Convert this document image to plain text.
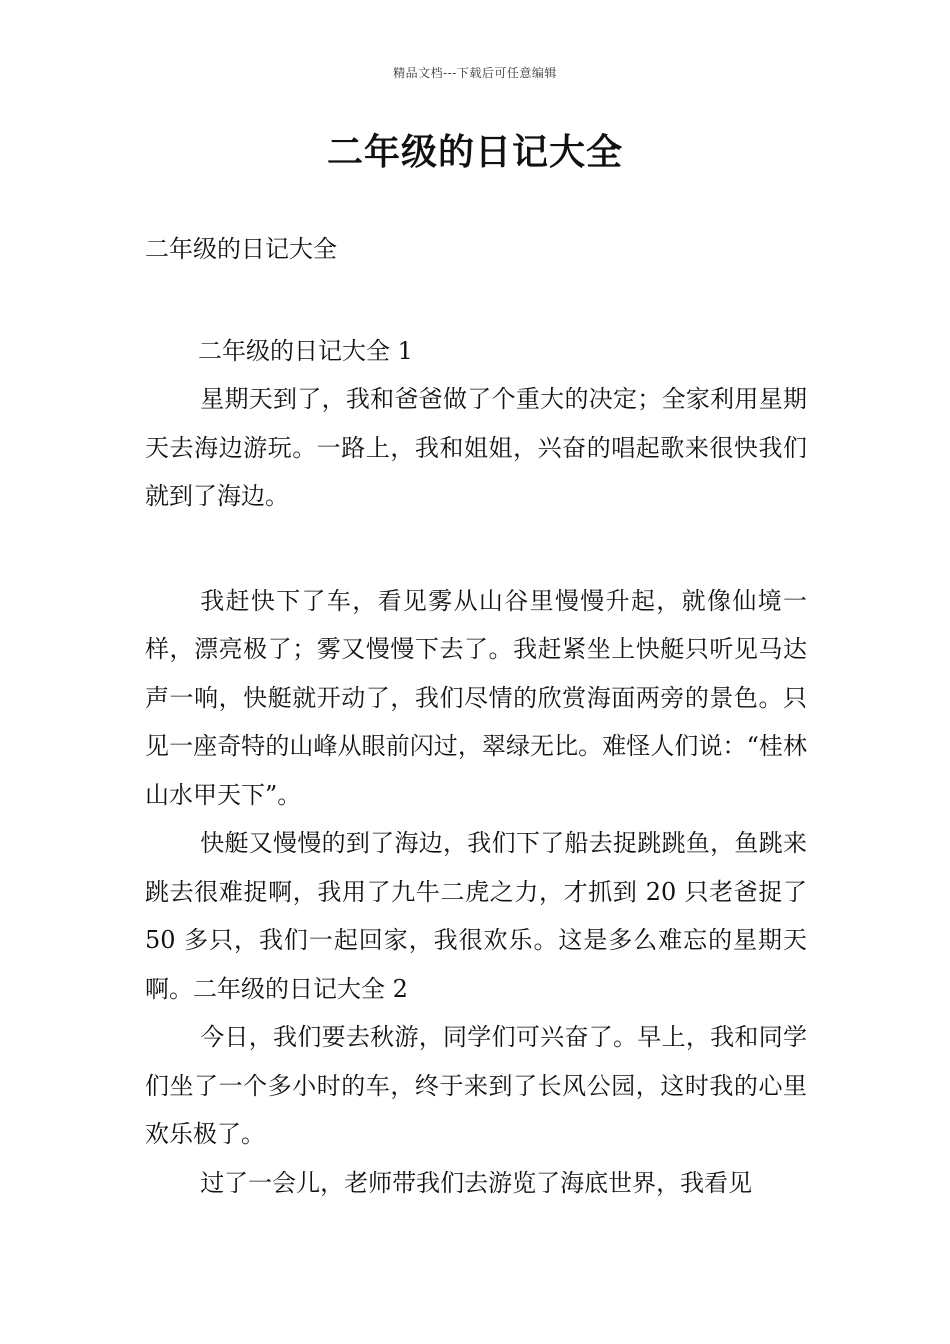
精品文档---下载后可任意编辑
二年级的日记大全

二年级的日记大全

二年级的日记大全 1

星期天到了，我和爸爸做了个重大的决定；全家利用星期天去海边游玩。一路上，我和姐姐，兴奋的唱起歌来很快我们就到了海边。

我赶快下了车，看见雾从山谷里慢慢升起，就像仙境一样，漂亮极了；雾又慢慢下去了。我赶紧坐上快艇只听见马达声一响，快艇就开动了，我们尽情的欣赏海面两旁的景色。只见一座奇特的山峰从眼前闪过，翠绿无比。难怪人们说：“桂林山水甲天下”。

快艇又慢慢的到了海边，我们下了船去捉跳跳鱼，鱼跳来跳去很难捉啊，我用了九牛二虎之力，才抓到 20 只老爸捉了 50 多只，我们一起回家，我很欢乐。这是多么难忘的星期天啊。二年级的日记大全 2

今日，我们要去秋游，同学们可兴奋了。早上，我和同学们坐了一个多小时的车，终于来到了长风公园，这时我的心里欢乐极了。

过了一会儿，老师带我们去游览了海底世界，我看见
